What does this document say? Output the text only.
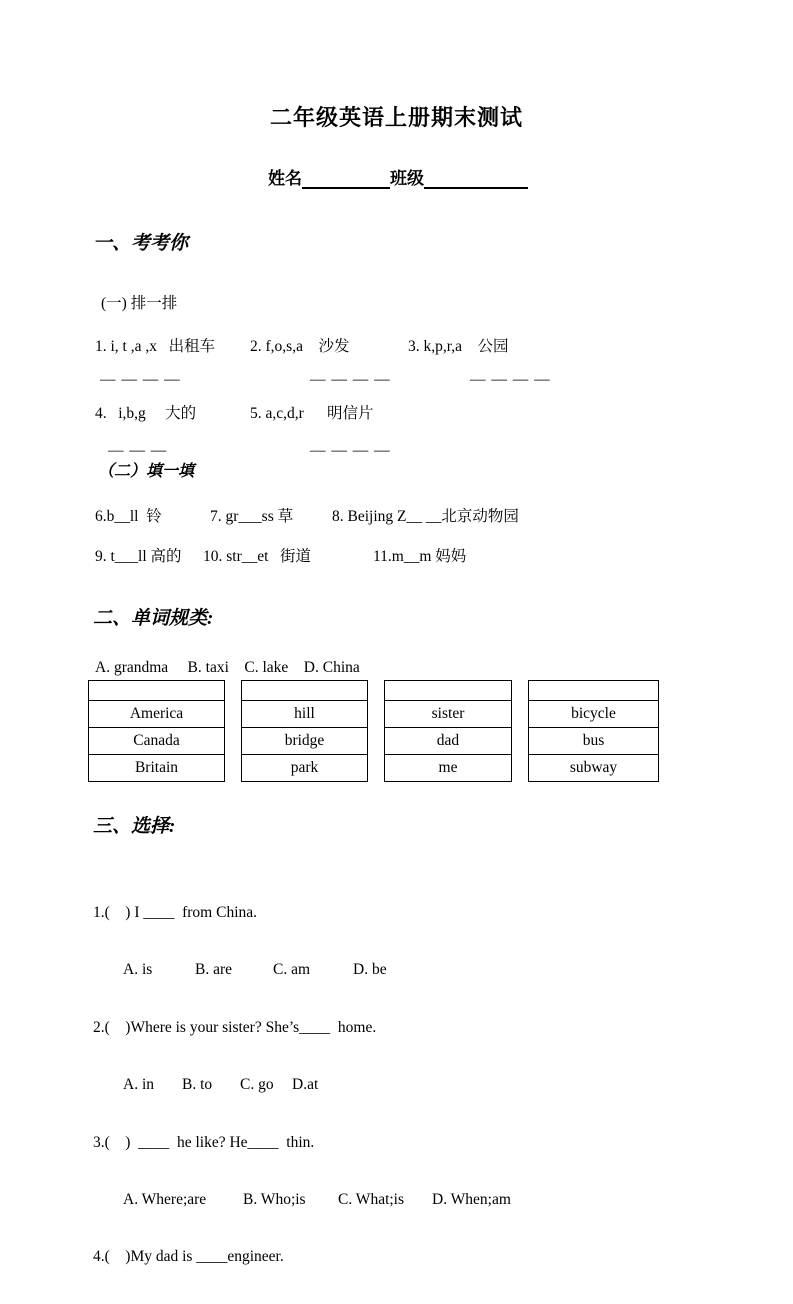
二年级英语上册期末测试
姓名	班级
一、考考你
(一) 排一排
1. i, t ,a ,x   出租车 2. f,o,s,a    沙发	3. k,p,r,a    公园
— — — —	— — — —	— — — —
4.   i,b,g     大的	5. a,c,d,r      明信片
— — —	— — — —
（二）填一填
6.b__ll  铃	7. gr___ss 草	8. Beijing Z__ __北京动物园
9. t___ll 高的 10. str__et   街道	11.m__m 妈妈
二、单词规类:
A. grandma     B. taxi    C. lake    D. China

America
Canada
Britain

hill
bridge
park

sister
dad
me

bicycle
bus
subway
三、选择:

1.(    ) I ____  from China.

A. is	B. are	C. am	D. be

2.(    )Where is your sister? She’s____  home.

A. in B. to C. go D.at

3.(    )  ____  he like? He____  thin.

A. Where;are B. Who;is C. What;is D. When;am

4.(    )My dad is ____engineer.
